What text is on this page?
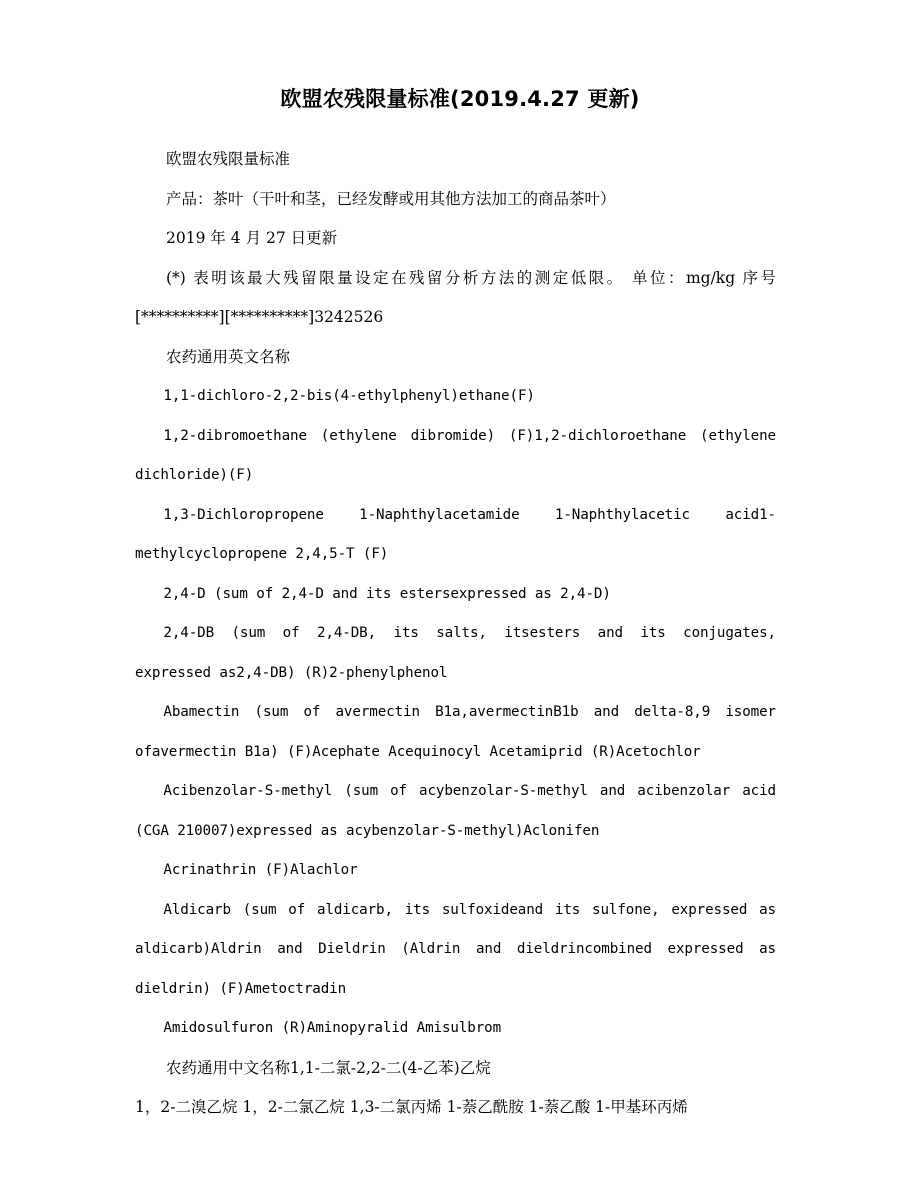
欧盟农残限量标准(2019.4.27 更新)

欧盟农残限量标准

产品：茶叶（干叶和茎，已经发酵或用其他方法加工的商品茶叶）

2019 年 4 月 27 日更新

(*) 表明该最大残留限量设定在残留分析方法的测定低限。 单位：mg/kg 序号[**********][**********]3242526

农药通用英文名称

1,1-dichloro-2,2-bis(4-ethylphenyl)ethane(F)

1,2-dibromoethane (ethylene dibromide) (F)1,2-dichloroethane (ethylene dichloride)(F)

1,3-Dichloropropene 1-Naphthylacetamide 1-Naphthylacetic acid1-methylcyclopropene 2,4,5-T (F)

2,4-D (sum of 2,4-D and its estersexpressed as 2,4-D)

2,4-DB (sum of 2,4-DB, its salts, itsesters and its conjugates, expressed as2,4-DB) (R)2-phenylphenol

Abamectin (sum of avermectin B1a,avermectinB1b and delta-8,9 isomer ofavermectin B1a) (F)Acephate Acequinocyl Acetamiprid (R)Acetochlor

Acibenzolar-S-methyl (sum of acybenzolar-S-methyl and acibenzolar acid (CGA 210007)expressed as acybenzolar-S-methyl)Aclonifen

Acrinathrin (F)Alachlor

Aldicarb (sum of aldicarb, its sulfoxideand its sulfone, expressed as aldicarb)Aldrin and Dieldrin (Aldrin and dieldrincombined expressed as dieldrin) (F)Ametoctradin

Amidosulfuron (R)Aminopyralid Amisulbrom

农药通用中文名称1,1-二氯-2,2-二(4-乙苯)乙烷

1，2-二溴乙烷 1，2-二氯乙烷 1,3-二氯丙烯 1-萘乙酰胺 1-萘乙酸 1-甲基环丙烯
